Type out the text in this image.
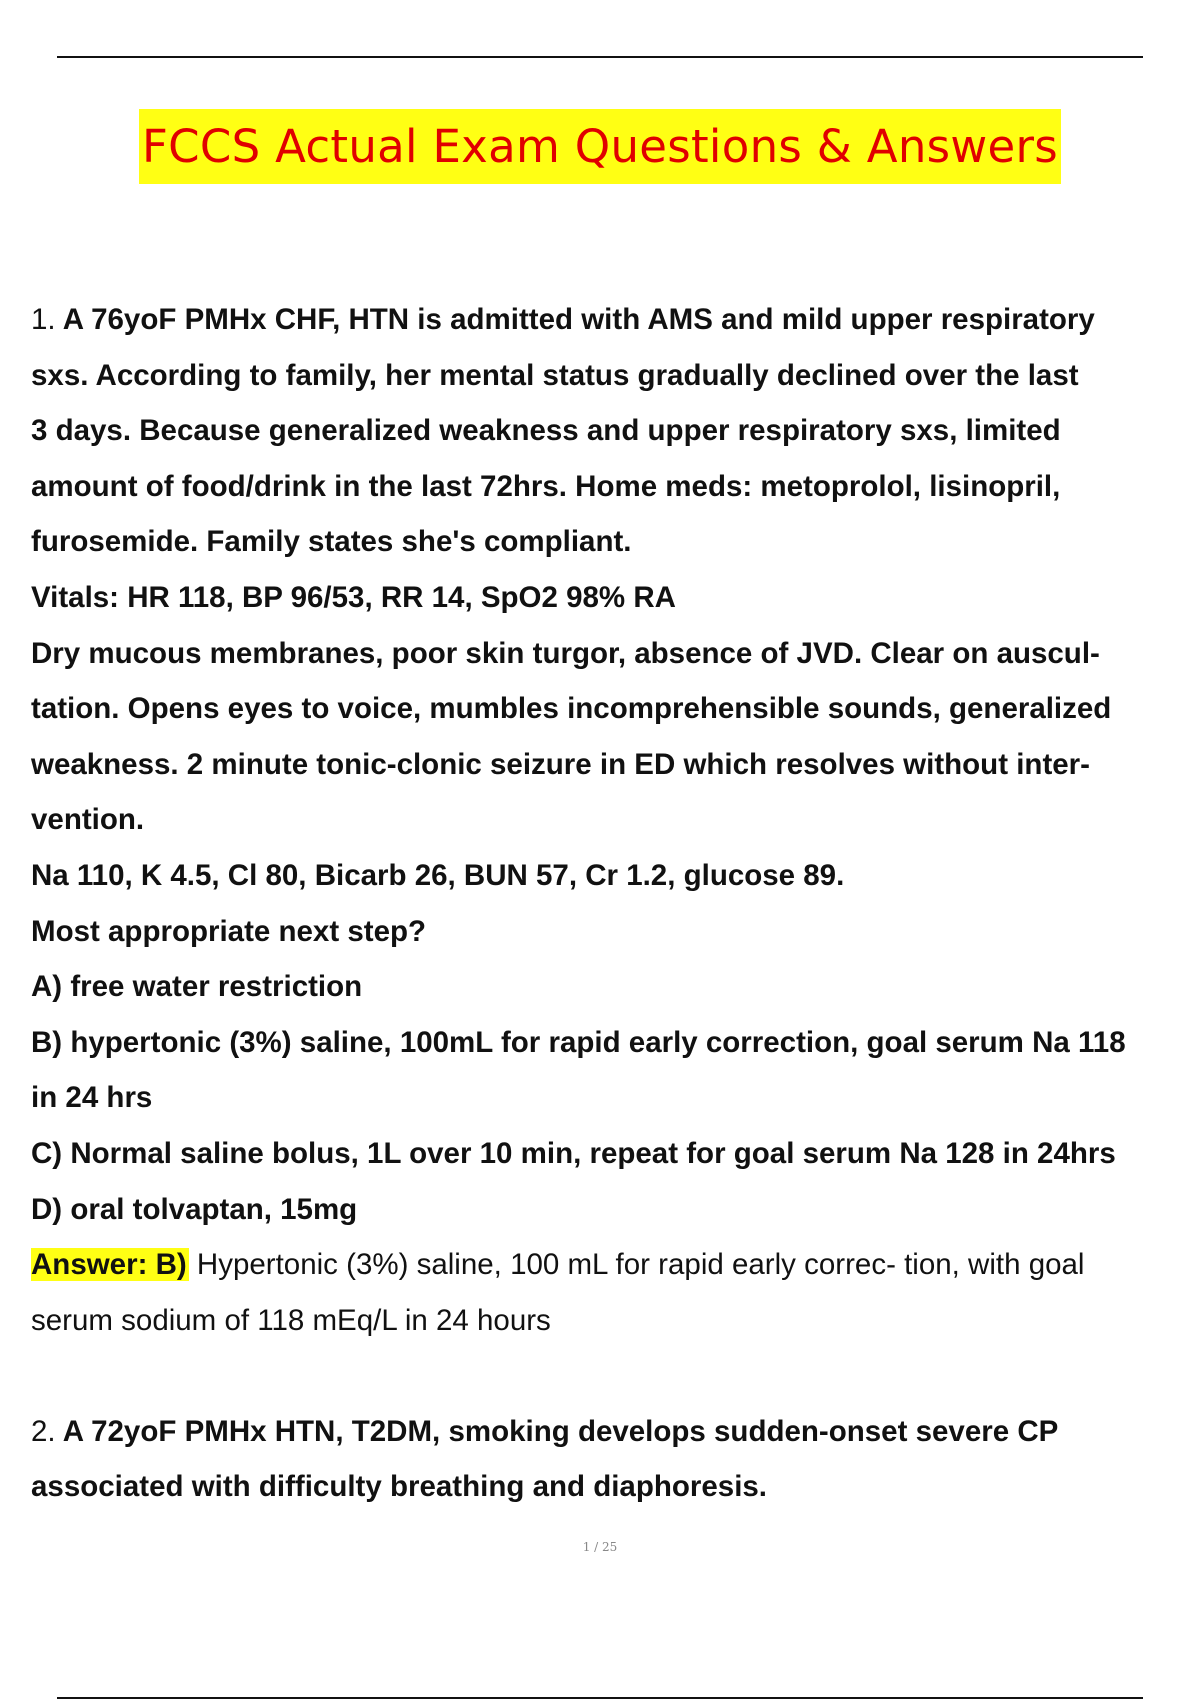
FCCS Actual Exam Questions & Answers
1. A 76yoF PMHx CHF, HTN is admitted with AMS and mild upper respiratory
sxs. According to family, her mental status gradually declined over the last
3 days. Because generalized weakness and upper respiratory sxs, limited
amount of food/drink in the last 72hrs. Home meds: metoprolol, lisinopril,
furosemide. Family states she's compliant.
Vitals: HR 118, BP 96/53, RR 14, SpO2 98% RA
Dry mucous membranes, poor skin turgor, absence of JVD. Clear on auscul-
tation. Opens eyes to voice, mumbles incomprehensible sounds, generalized
weakness. 2 minute tonic-clonic seizure in ED which resolves without inter-
vention.
Na 110, K 4.5, Cl 80, Bicarb 26, BUN 57, Cr 1.2, glucose 89.
Most appropriate next step?
A) free water restriction
B) hypertonic (3%) saline, 100mL for rapid early correction, goal serum Na 118
in 24 hrs
C) Normal saline bolus, 1L over 10 min, repeat for goal serum Na 128 in 24hrs
D) oral tolvaptan, 15mg
Answer: B) Hypertonic (3%) saline, 100 mL for rapid early correc- tion, with goal
serum sodium of 118 mEq/L in 24 hours
2. A 72yoF PMHx HTN, T2DM, smoking develops sudden-onset severe CP
associated with difficulty breathing and diaphoresis.
1 / 25
